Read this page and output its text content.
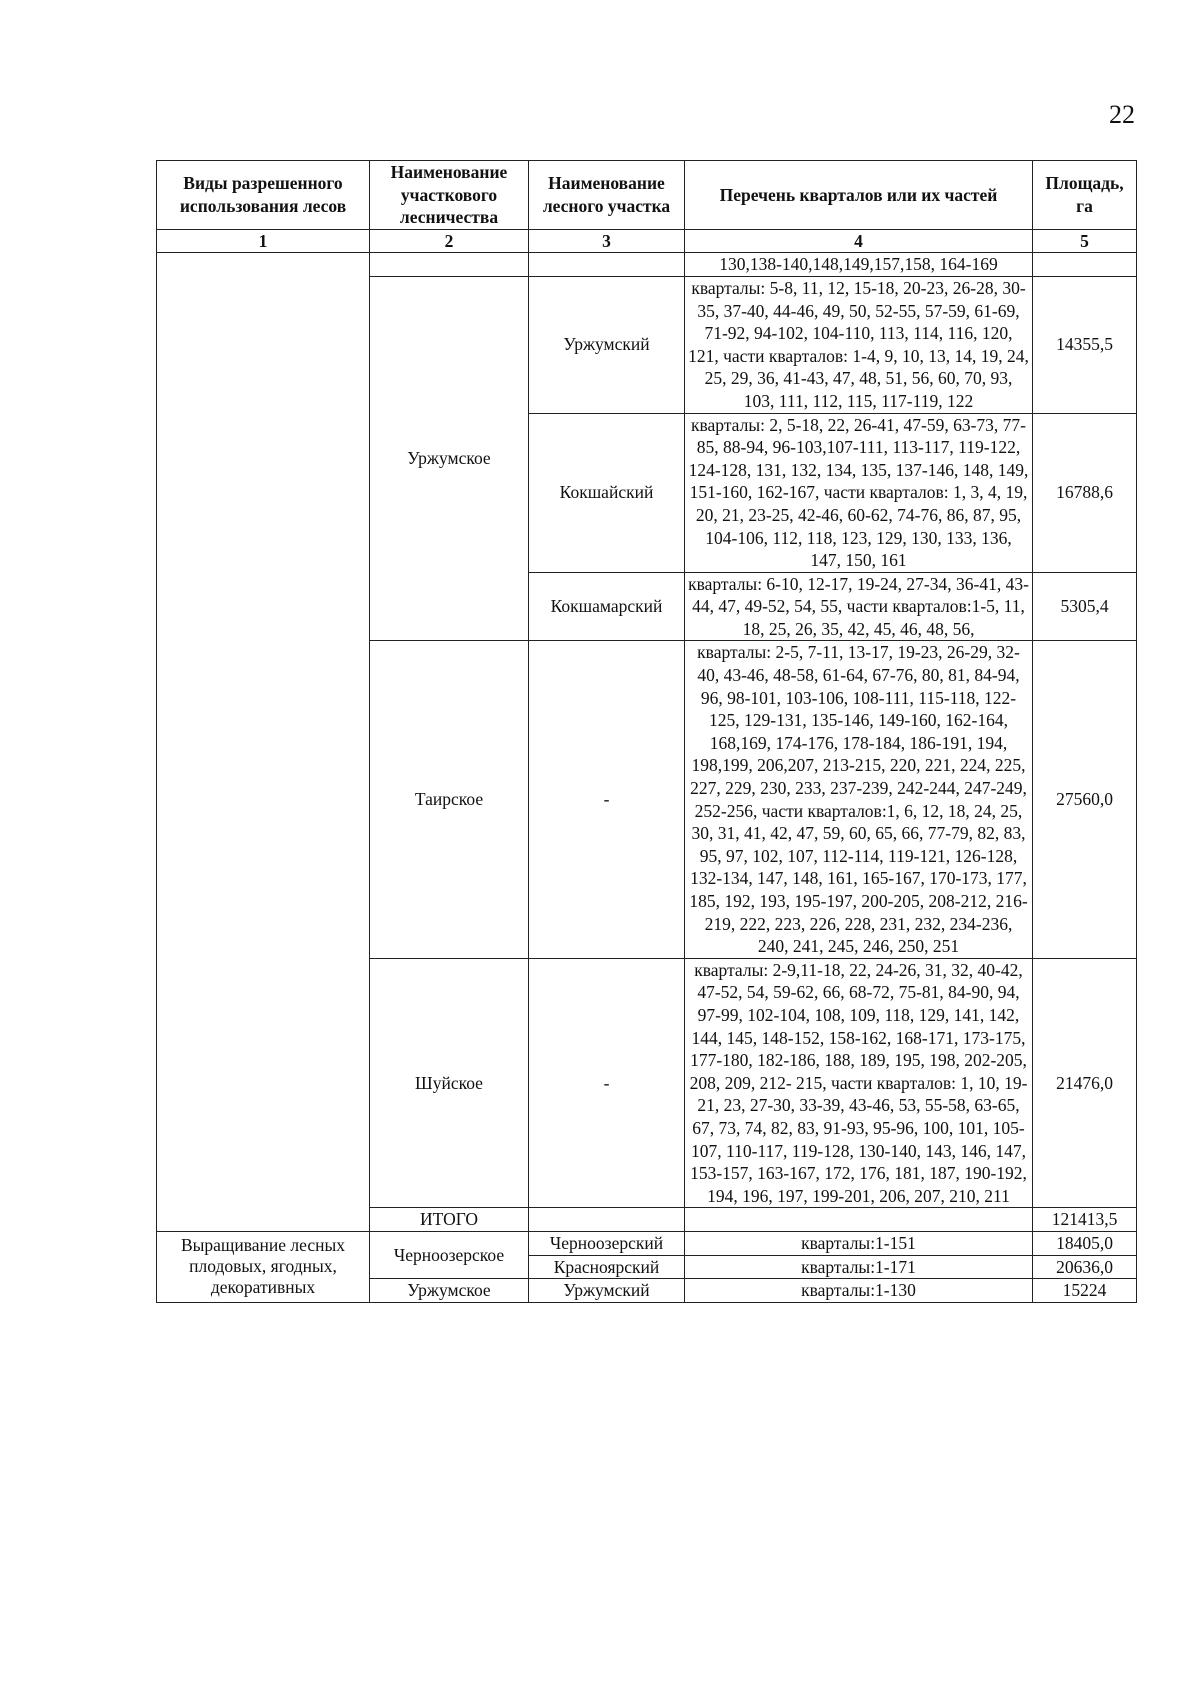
22
Виды разрешенного использования лесов	Наименование участкового лесничества	Наименование лесного участка	Перечень кварталов или их частей	Площадь, га
1	2	3	4	5
			130,138-140,148,149,157,158, 164-169	
	Уржумское	Уржумский	кварталы: 5-8, 11, 12, 15-18, 20-23, 26-28, 30-35, 37-40, 44-46, 49, 50, 52-55, 57-59, 61-69, 71-92, 94-102, 104-110, 113, 114, 116, 120, 121, части кварталов: 1-4, 9, 10, 13, 14, 19, 24, 25, 29, 36, 41-43, 47, 48, 51, 56, 60, 70, 93, 103, 111, 112, 115, 117-119, 122	14355,5
		Кокшайский	кварталы: 2, 5-18, 22, 26-41, 47-59, 63-73, 77-85, 88-94, 96-103,107-111, 113-117, 119-122, 124-128, 131, 132, 134, 135, 137-146, 148, 149, 151-160, 162-167, части кварталов: 1, 3, 4, 19, 20, 21, 23-25, 42-46, 60-62, 74-76, 86, 87, 95, 104-106, 112, 118, 123, 129, 130, 133, 136, 147, 150, 161	16788,6
		Кокшамарский	кварталы: 6-10, 12-17, 19-24, 27-34, 36-41, 43-44, 47, 49-52, 54, 55, части кварталов:1-5, 11, 18, 25, 26, 35, 42, 45, 46, 48, 56,	5305,4
	Таирское	-	кварталы: 2-5, 7-11, 13-17, 19-23, 26-29, 32-40, 43-46, 48-58, 61-64, 67-76, 80, 81, 84-94, 96, 98-101, 103-106, 108-111, 115-118, 122-125, 129-131, 135-146, 149-160, 162-164, 168,169, 174-176, 178-184, 186-191, 194, 198,199, 206,207, 213-215, 220, 221, 224, 225, 227, 229, 230, 233, 237-239, 242-244, 247-249, 252-256, части кварталов:1, 6, 12, 18, 24, 25, 30, 31, 41, 42, 47, 59, 60, 65, 66, 77-79, 82, 83, 95, 97, 102, 107, 112-114, 119-121, 126-128, 132-134, 147, 148, 161, 165-167, 170-173, 177, 185, 192, 193, 195-197, 200-205, 208-212, 216-219, 222, 223, 226, 228, 231, 232, 234-236, 240, 241, 245, 246, 250, 251	27560,0
	Шуйское	-	кварталы: 2-9,11-18, 22, 24-26, 31, 32, 40-42, 47-52, 54, 59-62, 66, 68-72, 75-81, 84-90, 94, 97-99, 102-104, 108, 109, 118, 129, 141, 142, 144, 145, 148-152, 158-162, 168-171, 173-175, 177-180, 182-186, 188, 189, 195, 198, 202-205, 208, 209, 212- 215, части кварталов: 1, 10, 19-21, 23, 27-30, 33-39, 43-46, 53, 55-58, 63-65, 67, 73, 74, 82, 83, 91-93, 95-96, 100, 101, 105-107, 110-117, 119-128, 130-140, 143, 146, 147, 153-157, 163-167, 172, 176, 181, 187, 190-192, 194, 196, 197, 199-201, 206, 207, 210, 211	21476,0
	ИТОГО			121413,5
Выращивание лесных плодовых, ягодных, декоративных	Черноозерское	Черноозерский	кварталы:1-151	18405,0
		Красноярский	кварталы:1-171	20636,0
	Уржумское	Уржумский	кварталы:1-130	15224
